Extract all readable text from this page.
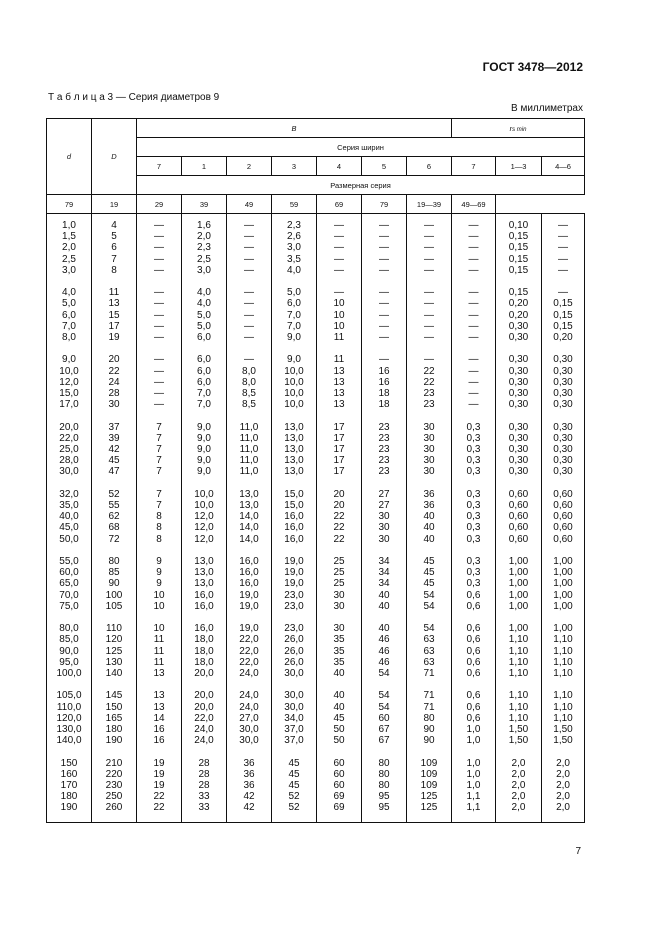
ГОСТ 3478—2012
Т а б л и ц а 3 — Серия диаметров 9
В миллиметрах
d	D	B							rs min		
		Серия ширин									
		7	1	2	3	4	5	6	7	1—3	4—6
		Размерная серия									
79	19	29	39	49	59	69	79	19—39	49—69		
1,0	4	—	1,6	—	2,3	—	—	—	—	0,10	—
1,5	5	—	2,0	—	2,6	—	—	—	—	0,15	—
2,0	6	—	2,3	—	3,0	—	—	—	—	0,15	—
2,5	7	—	2,5	—	3,5	—	—	—	—	0,15	—
3,0	8	—	3,0	—	4,0	—	—	—	—	0,15	—

4,0	11	—	4,0	—	5,0	—	—	—	—	0,15	—
5,0	13	—	4,0	—	6,0	10	—	—	—	0,20	0,15
6,0	15	—	5,0	—	7,0	10	—	—	—	0,20	0,15
7,0	17	—	5,0	—	7,0	10	—	—	—	0,30	0,15
8,0	19	—	6,0	—	9,0	11	—	—	—	0,30	0,20

9,0	20	—	6,0	—	9,0	11	—	—	—	0,30	0,30
10,0	22	—	6,0	8,0	10,0	13	16	22	—	0,30	0,30
12,0	24	—	6,0	8,0	10,0	13	16	22	—	0,30	0,30
15,0	28	—	7,0	8,5	10,0	13	18	23	—	0,30	0,30
17,0	30	—	7,0	8,5	10,0	13	18	23	—	0,30	0,30

20,0	37	7	9,0	11,0	13,0	17	23	30	0,3	0,30	0,30
22,0	39	7	9,0	11,0	13,0	17	23	30	0,3	0,30	0,30
25,0	42	7	9,0	11,0	13,0	17	23	30	0,3	0,30	0,30
28,0	45	7	9,0	11,0	13,0	17	23	30	0,3	0,30	0,30
30,0	47	7	9,0	11,0	13,0	17	23	30	0,3	0,30	0,30

32,0	52	7	10,0	13,0	15,0	20	27	36	0,3	0,60	0,60
35,0	55	7	10,0	13,0	15,0	20	27	36	0,3	0,60	0,60
40,0	62	8	12,0	14,0	16,0	22	30	40	0,3	0,60	0,60
45,0	68	8	12,0	14,0	16,0	22	30	40	0,3	0,60	0,60
50,0	72	8	12,0	14,0	16,0	22	30	40	0,3	0,60	0,60

55,0	80	9	13,0	16,0	19,0	25	34	45	0,3	1,00	1,00
60,0	85	9	13,0	16,0	19,0	25	34	45	0,3	1,00	1,00
65,0	90	9	13,0	16,0	19,0	25	34	45	0,3	1,00	1,00
70,0	100	10	16,0	19,0	23,0	30	40	54	0,6	1,00	1,00
75,0	105	10	16,0	19,0	23,0	30	40	54	0,6	1,00	1,00

80,0	110	10	16,0	19,0	23,0	30	40	54	0,6	1,00	1,00
85,0	120	11	18,0	22,0	26,0	35	46	63	0,6	1,10	1,10
90,0	125	11	18,0	22,0	26,0	35	46	63	0,6	1,10	1,10
95,0	130	11	18,0	22,0	26,0	35	46	63	0,6	1,10	1,10
100,0	140	13	20,0	24,0	30,0	40	54	71	0,6	1,10	1,10

105,0	145	13	20,0	24,0	30,0	40	54	71	0,6	1,10	1,10
110,0	150	13	20,0	24,0	30,0	40	54	71	0,6	1,10	1,10
120,0	165	14	22,0	27,0	34,0	45	60	80	0,6	1,10	1,10
130,0	180	16	24,0	30,0	37,0	50	67	90	1,0	1,50	1,50
140,0	190	16	24,0	30,0	37,0	50	67	90	1,0	1,50	1,50

150	210	19	28	36	45	60	80	109	1,0	2,0	2,0
160	220	19	28	36	45	60	80	109	1,0	2,0	2,0
170	230	19	28	36	45	60	80	109	1,0	2,0	2,0
180	250	22	33	42	52	69	95	125	1,1	2,0	2,0
190	260	22	33	42	52	69	95	125	1,1	2,0	2,0
7
